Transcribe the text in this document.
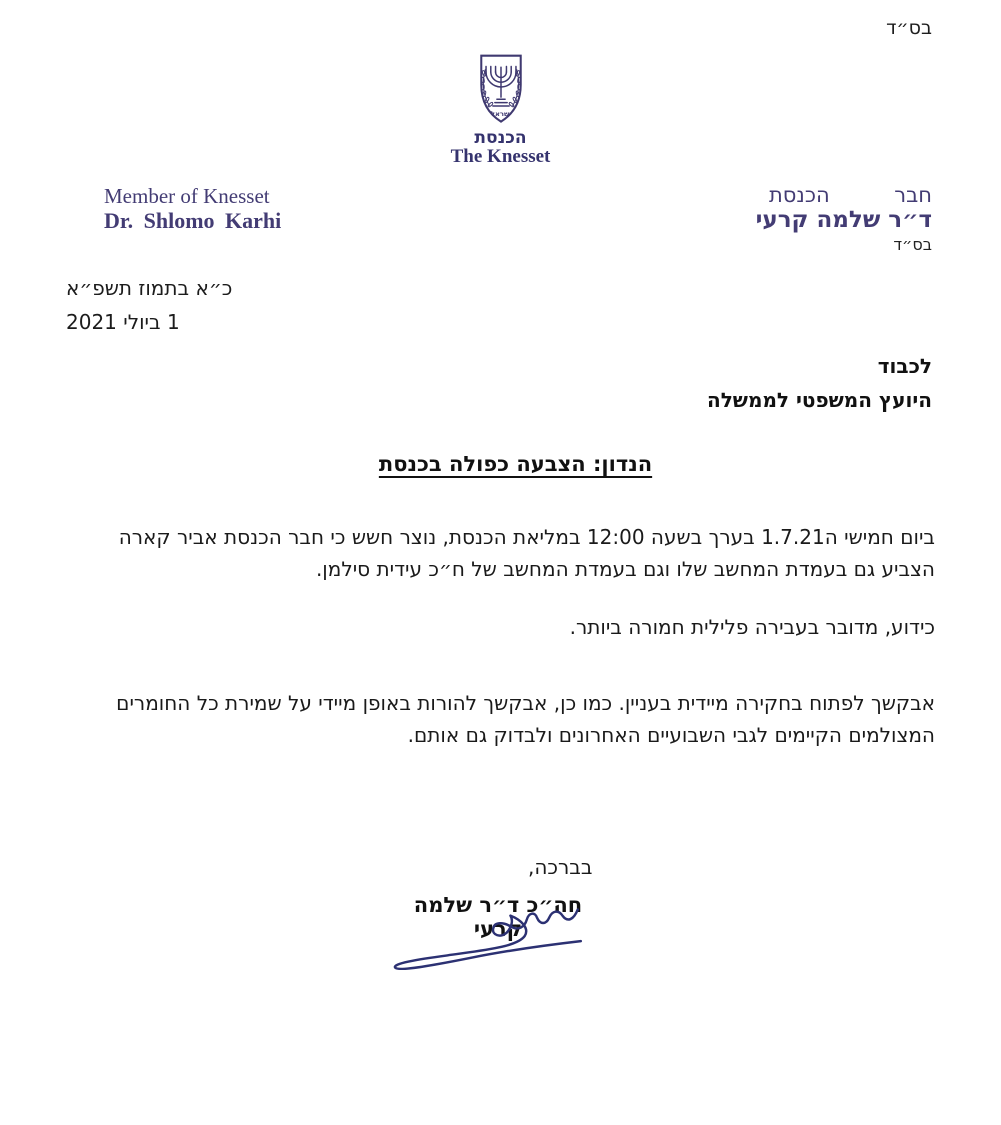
בס״ד
ישראל
הכנסת
The Knesset
Member of Knesset
Dr. Shlomo Karhi
חבר
הכנסת
ד״ר שלמה קרעי
בס״ד
כ״א בתמוז תשפ״א
1 ביולי 2021
לכבוד
היועץ המשפטי לממשלה
הנדון: הצבעה כפולה בכנסת
ביום חמישי ה1.7.21 בערך בשעה 12:00 במליאת הכנסת, נוצר חשש כי חבר הכנסת אביר קארה הצביע גם בעמדת המחשב שלו וגם בעמדת המחשב של ח״כ עידית סילמן.
כידוע, מדובר בעבירה פלילית חמורה ביותר.
אבקשך לפתוח בחקירה מיידית בעניין. כמו כן, אבקשך להורות באופן מיידי על שמירת כל החומרים המצולמים הקיימים לגבי השבועיים האחרונים ולבדוק גם אותם.
בברכה,
חה״כ ד״ר שלמה קרעי
